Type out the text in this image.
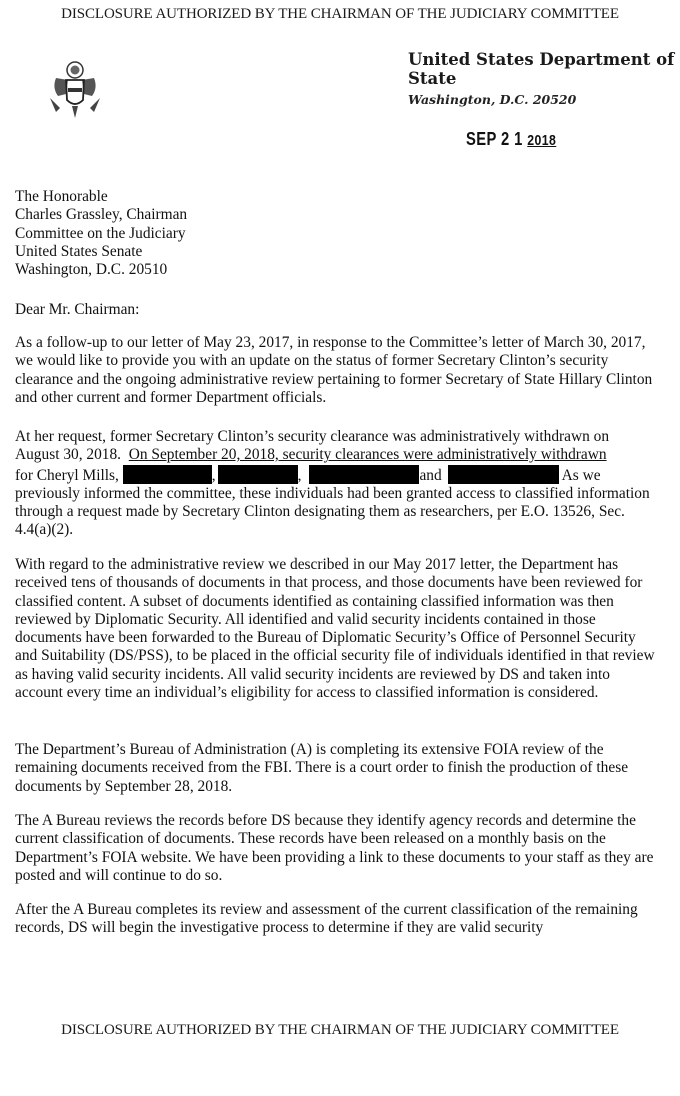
DISCLOSURE AUTHORIZED BY THE CHAIRMAN OF THE JUDICIARY COMMITTEE
United States Department of State
Washington, D.C. 20520
SEP 2 1 2018
The Honorable
Charles Grassley, Chairman
Committee on the Judiciary
United States Senate
Washington, D.C. 20510
Dear Mr. Chairman:
As a follow-up to our letter of May 23, 2017, in response to the Committee’s letter of March 30, 2017, we would like to provide you with an update on the status of former Secretary Clinton’s security clearance and the ongoing administrative review pertaining to former Secretary of State Hillary Clinton and other current and former Department officials.
At her request, former Secretary Clinton’s security clearance was administratively withdrawn on
August 30, 2018.  On September 20, 2018, security clearances were administratively withdrawn
for Cheryl Mills,	,	,	and	As we
previously informed the committee, these individuals had been granted access to classified information through a request made by Secretary Clinton designating them as researchers, per E.O. 13526, Sec. 4.4(a)(2).
With regard to the administrative review we described in our May 2017 letter, the Department has received tens of thousands of documents in that process, and those documents have been reviewed for classified content. A subset of documents identified as containing classified information was then reviewed by Diplomatic Security. All identified and valid security incidents contained in those documents have been forwarded to the Bureau of Diplomatic Security’s Office of Personnel Security and Suitability (DS/PSS), to be placed in the official security file of individuals identified in that review as having valid security incidents. All valid security incidents are reviewed by DS and taken into account every time an individual’s eligibility for access to classified information is considered.
The Department’s Bureau of Administration (A) is completing its extensive FOIA review of the remaining documents received from the FBI. There is a court order to finish the production of these documents by September 28, 2018.
The A Bureau reviews the records before DS because they identify agency records and determine the current classification of documents. These records have been released on a monthly basis on the Department’s FOIA website. We have been providing a link to these documents to your staff as they are posted and will continue to do so.
After the A Bureau completes its review and assessment of the current classification of the remaining records, DS will begin the investigative process to determine if they are valid security
DISCLOSURE AUTHORIZED BY THE CHAIRMAN OF THE JUDICIARY COMMITTEE
